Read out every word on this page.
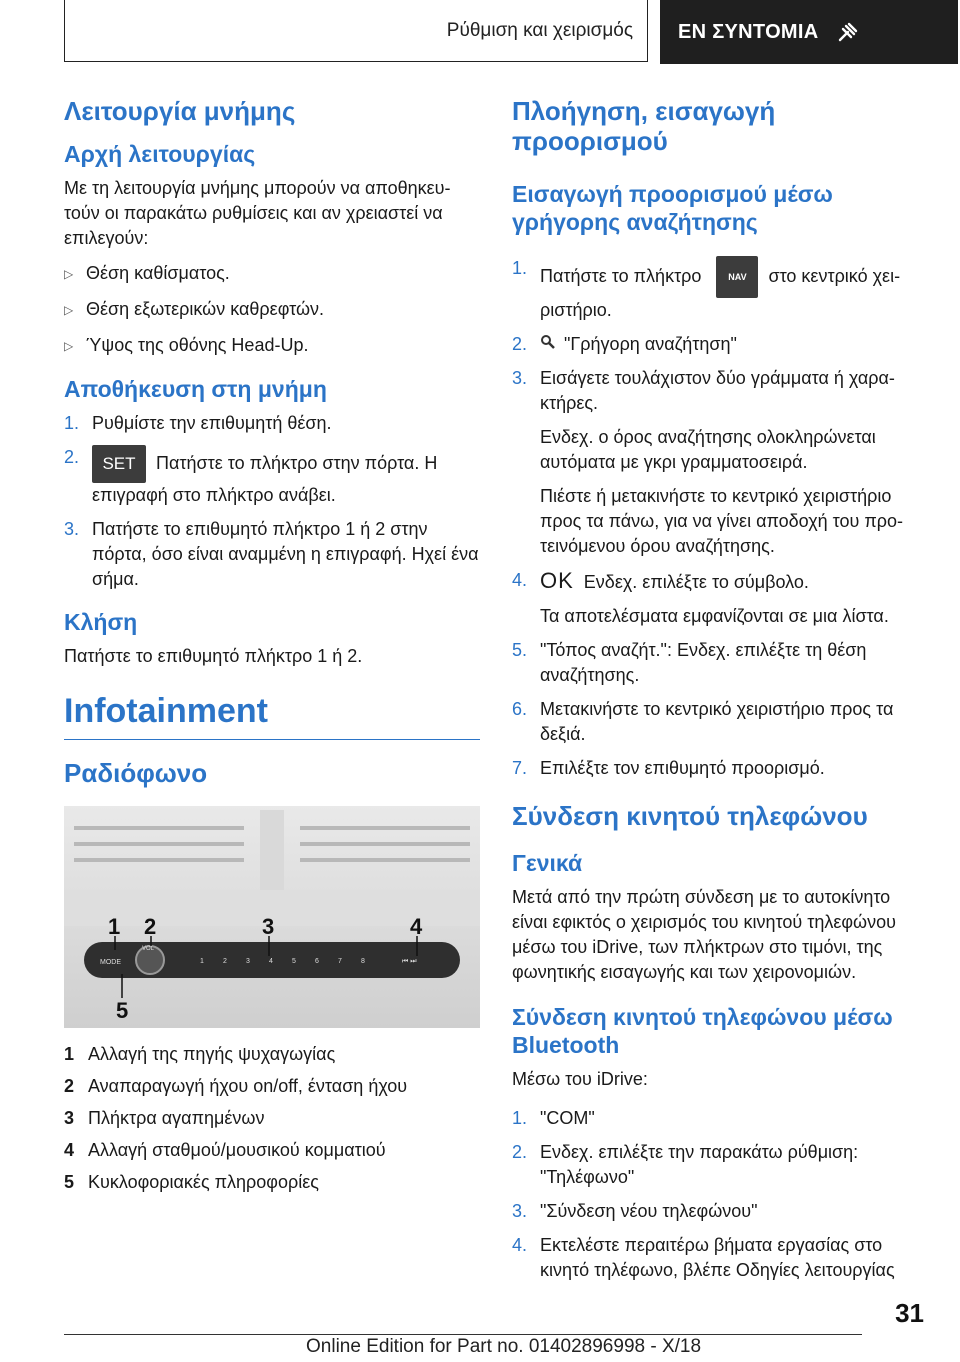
Ρύθμιση και χειρισμός	ΕΝ ΣΥΝΤΟΜΙΑ
Λειτουργία μνήμης
Αρχή λειτουργίας
Με τη λειτουργία μνήμης μπορούν να αποθηκευ-τούν οι παρακάτω ρυθμίσεις και αν χρειαστεί να επιλεγούν:
▷ Θέση καθίσματος.
▷ Θέση εξωτερικών καθρεφτών.
▷ Ύψος της οθόνης Head-Up.
Αποθήκευση στη μνήμη
1. Ρυθμίστε την επιθυμητή θέση.
2.	SET Πατήστε το πλήκτρο στην πόρτα. Η επιγραφή στο πλήκτρο ανάβει.
3. Πατήστε το επιθυμητό πλήκτρο 1 ή 2 στην πόρτα, όσο είναι αναμμένη η επιγραφή. Ηχεί ένα σήμα.
Κλήση
Πατήστε το επιθυμητό πλήκτρο 1 ή 2.
Infotainment
Ραδιόφωνο
MODE
VOL
1	2	3	4	5	6	7	8	⏮ ⏭
1 2	3	4
5
1 Αλλαγή της πηγής ψυχαγωγίας
2 Αναπαραγωγή ήχου on/off, ένταση ήχου
3 Πλήκτρα αγαπημένων
4 Αλλαγή σταθμού/μουσικού κομματιού
5 Κυκλοφοριακές πληροφορίες
Πλοήγηση, εισαγωγή προορισμού
Εισαγωγή προορισμού μέσω γρήγορης αναζήτησης
1. Πατήστε το πλήκτρο	NAV στο κεντρικό χει-ριστήριο.
2.	"Γρήγορη αναζήτηση"
3. Εισάγετε τουλάχιστον δύο γράμματα ή χαρα-κτήρες.
Ενδεχ. ο όρος αναζήτησης ολοκληρώνεται αυτόματα με γκρι γραμματοσειρά.
Πιέστε ή μετακινήστε το κεντρικό χειριστήριο προς τα πάνω, για να γίνει αποδοχή του προ-τεινόμενου όρου αναζήτησης.
4. OK Ενδεχ. επιλέξτε το σύμβολο.
Τα αποτελέσματα εμφανίζονται σε μια λίστα.
5. "Τόπος αναζήτ.": Ενδεχ. επιλέξτε τη θέση αναζήτησης.
6. Μετακινήστε το κεντρικό χειριστήριο προς τα δεξιά.
7. Επιλέξτε τον επιθυμητό προορισμό.
Σύνδεση κινητού τηλεφώνου
Γενικά
Μετά από την πρώτη σύνδεση με το αυτοκίνητο είναι εφικτός ο χειρισμός του κινητού τηλεφώνου μέσω του iDrive, των πλήκτρων στο τιμόνι, της φωνητικής εισαγωγής και των χειρονομιών.
Σύνδεση κινητού τηλεφώνου μέσω Bluetooth
Μέσω του iDrive:
1. "COM"
2. Ενδεχ. επιλέξτε την παρακάτω ρύθμιση: "Τηλέφωνο"
3. "Σύνδεση νέου τηλεφώνου"
4. Εκτελέστε περαιτέρω βήματα εργασίας στο κινητό τηλέφωνο, βλέπε Οδηγίες λειτουργίας
31
Online Edition for Part no. 01402896998 - X/18
